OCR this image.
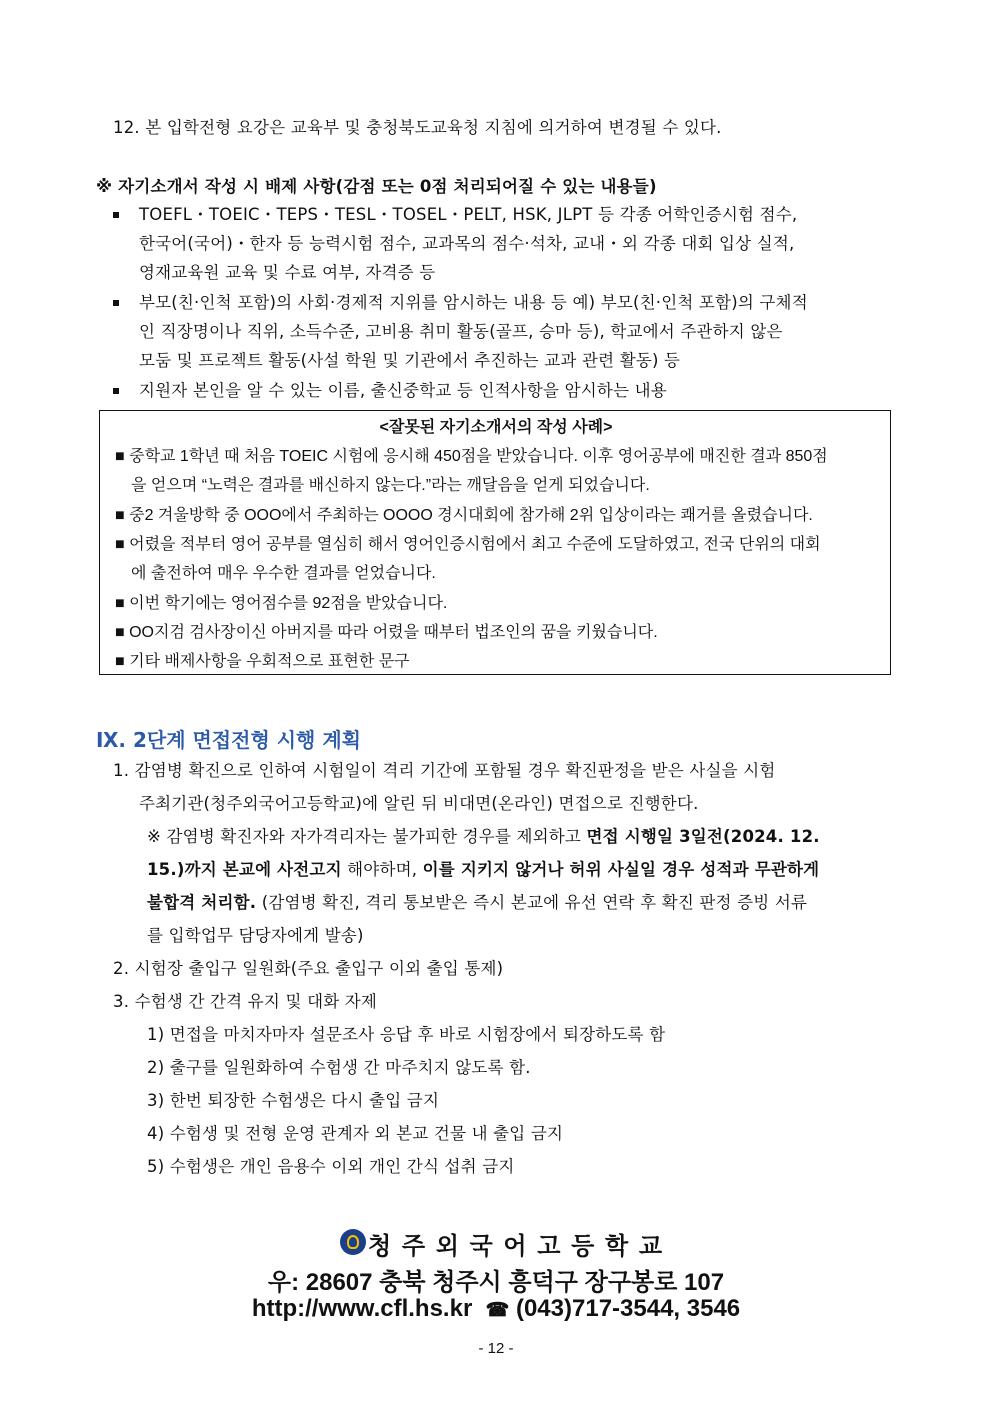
12. 본 입학전형 요강은 교육부 및 충청북도교육청 지침에 의거하여 변경될 수 있다.
※ 자기소개서 작성 시 배제 사항(감점 또는 0점 처리되어질 수 있는 내용들)
TOEFL・TOEIC・TEPS・TESL・TOSEL・PELT, HSK, JLPT 등 각종 어학인증시험 점수,
한국어(국어)・한자 등 능력시험 점수, 교과목의 점수·석차, 교내・외 각종 대회 입상 실적,
영재교육원 교육 및 수료 여부, 자격증 등
부모(친·인척 포함)의 사회·경제적 지위를 암시하는 내용 등 예) 부모(친·인척 포함)의 구체적
인 직장명이나 직위, 소득수준, 고비용 취미 활동(골프, 승마 등), 학교에서 주관하지 않은
모둠 및 프로젝트 활동(사설 학원 및 기관에서 추진하는 교과 관련 활동) 등
지원자 본인을 알 수 있는 이름, 출신중학교 등 인적사항을 암시하는 내용
<잘못된 자기소개서의 작성 사례>
■ 중학교 1학년 때 처음 TOEIC 시험에 응시해 450점을 받았습니다. 이후 영어공부에 매진한 결과 850점
을 얻으며 “노력은 결과를 배신하지 않는다.”라는 깨달음을 얻게 되었습니다.
■ 중2 겨울방학 중 OOO에서 주최하는 OOOO 경시대회에 참가해 2위 입상이라는 쾌거를 올렸습니다.
■ 어렸을 적부터 영어 공부를 열심히 해서 영어인증시험에서 최고 수준에 도달하였고, 전국 단위의 대회
에 출전하여 매우 우수한 결과를 얻었습니다.
■ 이번 학기에는 영어점수를 92점을 받았습니다.
■ OO지검 검사장이신 아버지를 따라 어렸을 때부터 법조인의 꿈을 키웠습니다.
■ 기타 배제사항을 우회적으로 표현한 문구
Ⅸ. 2단계 면접전형 시행 계획
1. 감염병 확진으로 인하여 시험일이 격리 기간에 포함될 경우 확진판정을 받은 사실을 시험
주최기관(청주외국어고등학교)에 알린 뒤 비대면(온라인) 면접으로 진행한다.
※ 감염병 확진자와 자가격리자는 불가피한 경우를 제외하고 면접 시행일 3일전(2024. 12.
15.)까지 본교에 사전고지 해야하며, 이를 지키지 않거나 허위 사실일 경우 성적과 무관하게
불합격 처리함. (감염병 확진, 격리 통보받은 즉시 본교에 유선 연락 후 확진 판정 증빙 서류
를 입학업무 담당자에게 발송)
2. 시험장 출입구 일원화(주요 출입구 이외 출입 통제)
3. 수험생 간 간격 유지 및 대화 자제
1) 면접을 마치자마자 설문조사 응답 후 바로 시험장에서 퇴장하도록 함
2) 출구를 일원화하여 수험생 간 마주치지 않도록 함.
3) 한번 퇴장한 수험생은 다시 출입 금지
4) 수험생 및 전형 운영 관계자 외 본교 건물 내 출입 금지
5) 수험생은 개인 음용수 이외 개인 간식 섭취 금지
청 주 외 국 어 고 등 학 교
우: 28607 충북 청주시 흥덕구 장구봉로 107
http://www.cfl.hs.kr ☎ (043)717-3544, 3546
- 12 -
